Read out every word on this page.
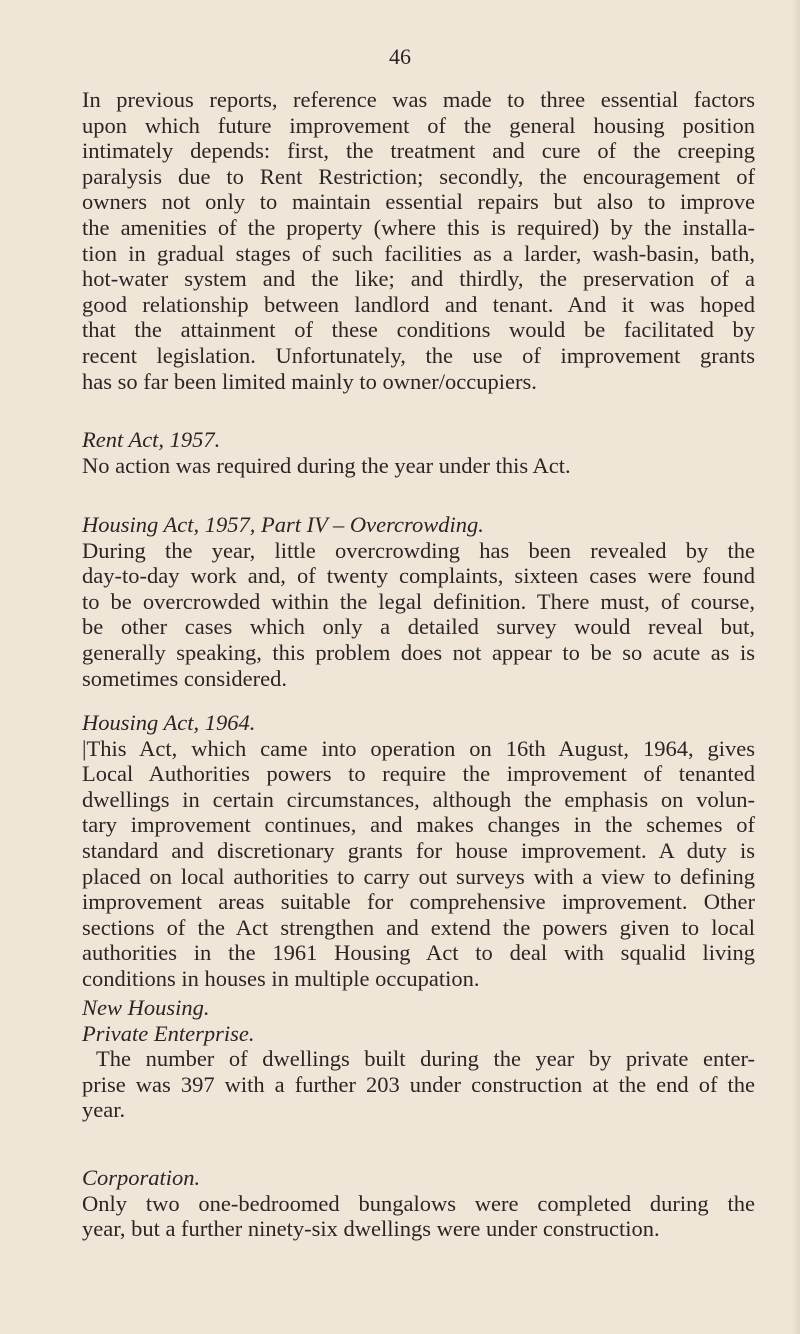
46
In previous reports, reference was made to three essential factors
upon which future improvement of the general housing position
intimately depends: first, the treatment and cure of the creeping
paralysis due to Rent Restriction; secondly, the encouragement of
owners not only to maintain essential repairs but also to improve
the amenities of the property (where this is required) by the installa-
tion in gradual stages of such facilities as a larder, wash-basin, bath,
hot-water system and the like; and thirdly, the preservation of a
good relationship between landlord and tenant. And it was hoped
that the attainment of these conditions would be facilitated by
recent legislation. Unfortunately, the use of improvement grants
has so far been limited mainly to owner/occupiers.
Rent Act, 1957.
No action was required during the year under this Act.
Housing Act, 1957, Part IV – Overcrowding.
During the year, little overcrowding has been revealed by the
day-to-day work and, of twenty complaints, sixteen cases were found
to be overcrowded within the legal definition. There must, of course,
be other cases which only a detailed survey would reveal but,
generally speaking, this problem does not appear to be so acute as is
sometimes considered.
Housing Act, 1964.
|This Act, which came into operation on 16th August, 1964, gives
Local Authorities powers to require the improvement of tenanted
dwellings in certain circumstances, although the emphasis on volun-
tary improvement continues, and makes changes in the schemes of
standard and discretionary grants for house improvement. A duty is
placed on local authorities to carry out surveys with a view to defining
improvement areas suitable for comprehensive improvement. Other
sections of the Act strengthen and extend the powers given to local
authorities in the 1961 Housing Act to deal with squalid living
conditions in houses in multiple occupation.
New Housing.
Private Enterprise.
The number of dwellings built during the year by private enter-
prise was 397 with a further 203 under construction at the end of the
year.
Corporation.
Only two one-bedroomed bungalows were completed during the
year, but a further ninety-six dwellings were under construction.
